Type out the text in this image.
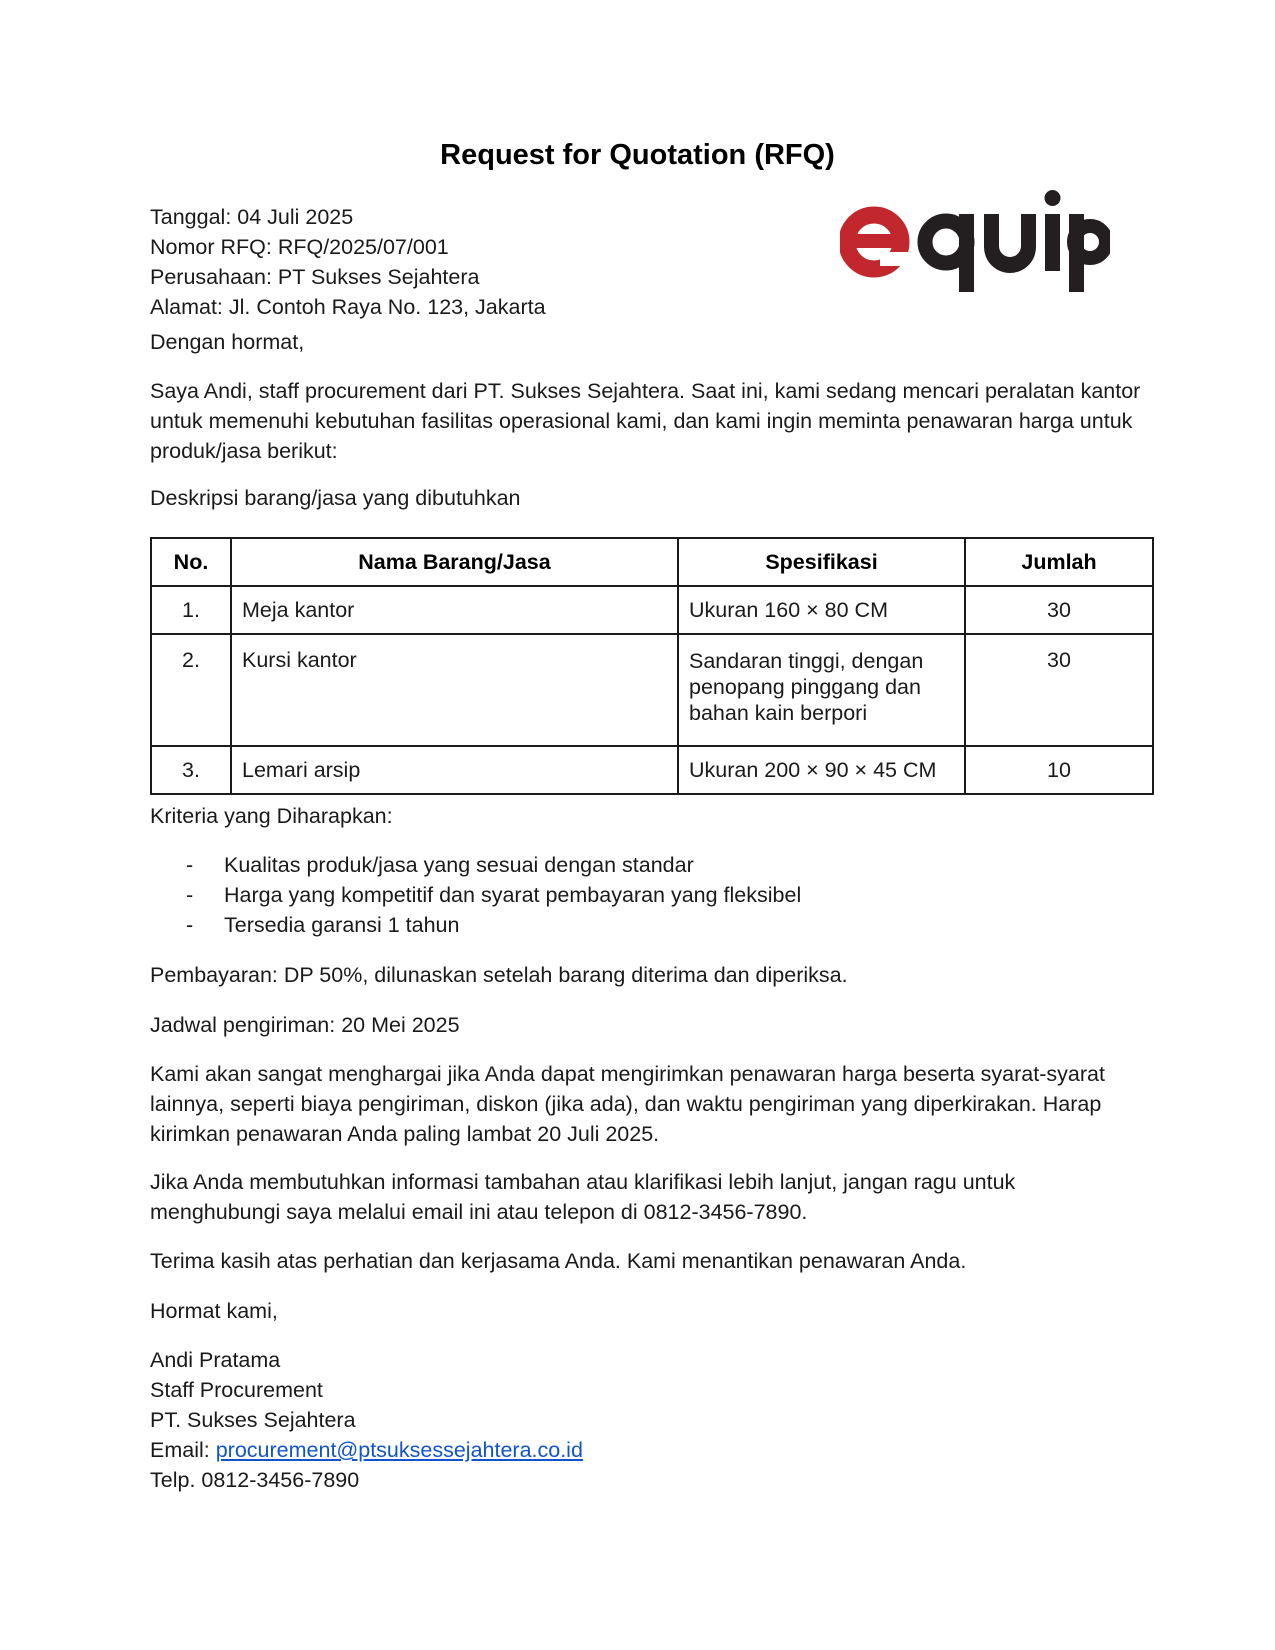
Request for Quotation (RFQ)
Tanggal: 04 Juli 2025
Nomor RFQ: RFQ/2025/07/001
Perusahaan: PT Sukses Sejahtera
Alamat: Jl. Contoh Raya No. 123, Jakarta
Dengan hormat,
Saya Andi, staff procurement dari PT. Sukses Sejahtera. Saat ini, kami sedang mencari peralatan kantor untuk memenuhi kebutuhan fasilitas operasional kami, dan kami ingin meminta penawaran harga untuk produk/jasa berikut:
Deskripsi barang/jasa yang dibutuhkan
No.	Nama Barang/Jasa	Spesifikasi	Jumlah
1.	Meja kantor	Ukuran 160 × 80 CM	30
2.	Kursi kantor	Sandaran tinggi, dengan
penopang pinggang dan
bahan kain berpori	30
3.	Lemari arsip	Ukuran 200 × 90 × 45 CM	10
Kriteria yang Diharapkan:
- Kualitas produk/jasa yang sesuai dengan standar
- Harga yang kompetitif dan syarat pembayaran yang fleksibel
- Tersedia garansi 1 tahun
Pembayaran: DP 50%, dilunaskan setelah barang diterima dan diperiksa.
Jadwal pengiriman: 20 Mei 2025
Kami akan sangat menghargai jika Anda dapat mengirimkan penawaran harga beserta syarat-syarat lainnya, seperti biaya pengiriman, diskon (jika ada), dan waktu pengiriman yang diperkirakan. Harap kirimkan penawaran Anda paling lambat 20 Juli 2025.
Jika Anda membutuhkan informasi tambahan atau klarifikasi lebih lanjut, jangan ragu untuk menghubungi saya melalui email ini atau telepon di 0812-3456-7890.
Terima kasih atas perhatian dan kerjasama Anda. Kami menantikan penawaran Anda.
Hormat kami,
Andi Pratama
Staff Procurement
PT. Sukses Sejahtera
Email: procurement@ptsuksessejahtera.co.id
Telp. 0812-3456-7890
